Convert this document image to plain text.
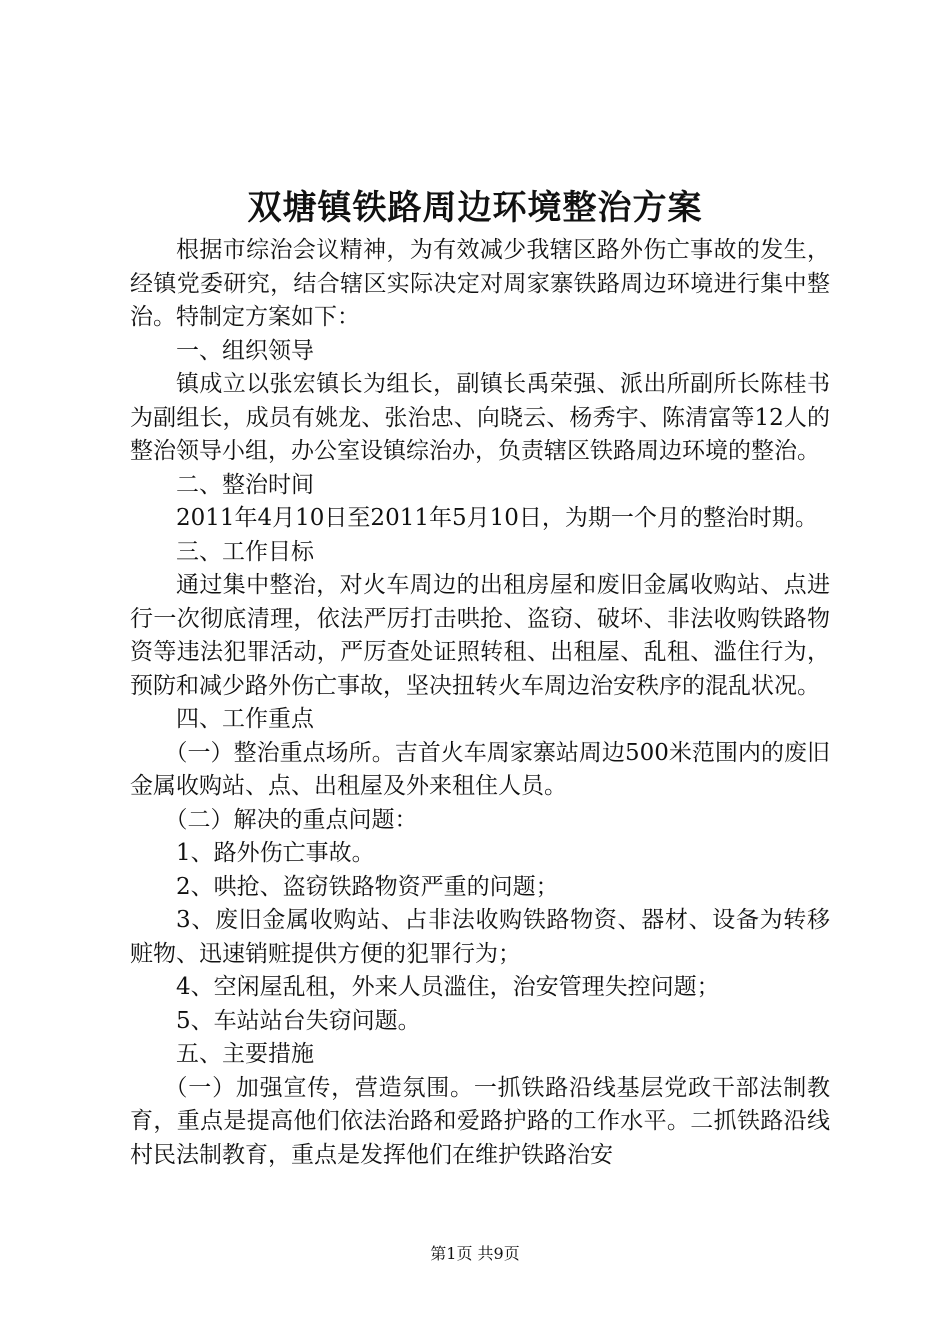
双塘镇铁路周边环境整治方案

根据市综治会议精神，为有效减少我辖区路外伤亡事故的发生，经镇党委研究，结合辖区实际决定对周家寨铁路周边环境进行集中整治。特制定方案如下：

一、组织领导

镇成立以张宏镇长为组长，副镇长禹荣强、派出所副所长陈桂书为副组长，成员有姚龙、张治忠、向晓云、杨秀宇、陈清富等12人的整治领导小组，办公室设镇综治办，负责辖区铁路周边环境的整治。

二、整治时间

2011年4月10日至2011年5月10日，为期一个月的整治时期。

三、工作目标

通过集中整治，对火车周边的出租房屋和废旧金属收购站、点进行一次彻底清理，依法严厉打击哄抢、盗窃、破坏、非法收购铁路物资等违法犯罪活动，严厉查处证照转租、出租屋、乱租、滥住行为，预防和减少路外伤亡事故，坚决扭转火车周边治安秩序的混乱状况。

四、工作重点

（一）整治重点场所。吉首火车周家寨站周边500米范围内的废旧金属收购站、点、出租屋及外来租住人员。

（二）解决的重点问题：

1、路外伤亡事故。

2、哄抢、盗窃铁路物资严重的问题；

3、废旧金属收购站、占非法收购铁路物资、器材、设备为转移赃物、迅速销赃提供方便的犯罪行为；

4、空闲屋乱租，外来人员滥住，治安管理失控问题；

5、车站站台失窃问题。

五、主要措施

（一）加强宣传，营造氛围。一抓铁路沿线基层党政干部法制教育，重点是提高他们依法治路和爱路护路的工作水平。二抓铁路沿线村民法制教育，重点是发挥他们在维护铁路治安

第1页 共9页
